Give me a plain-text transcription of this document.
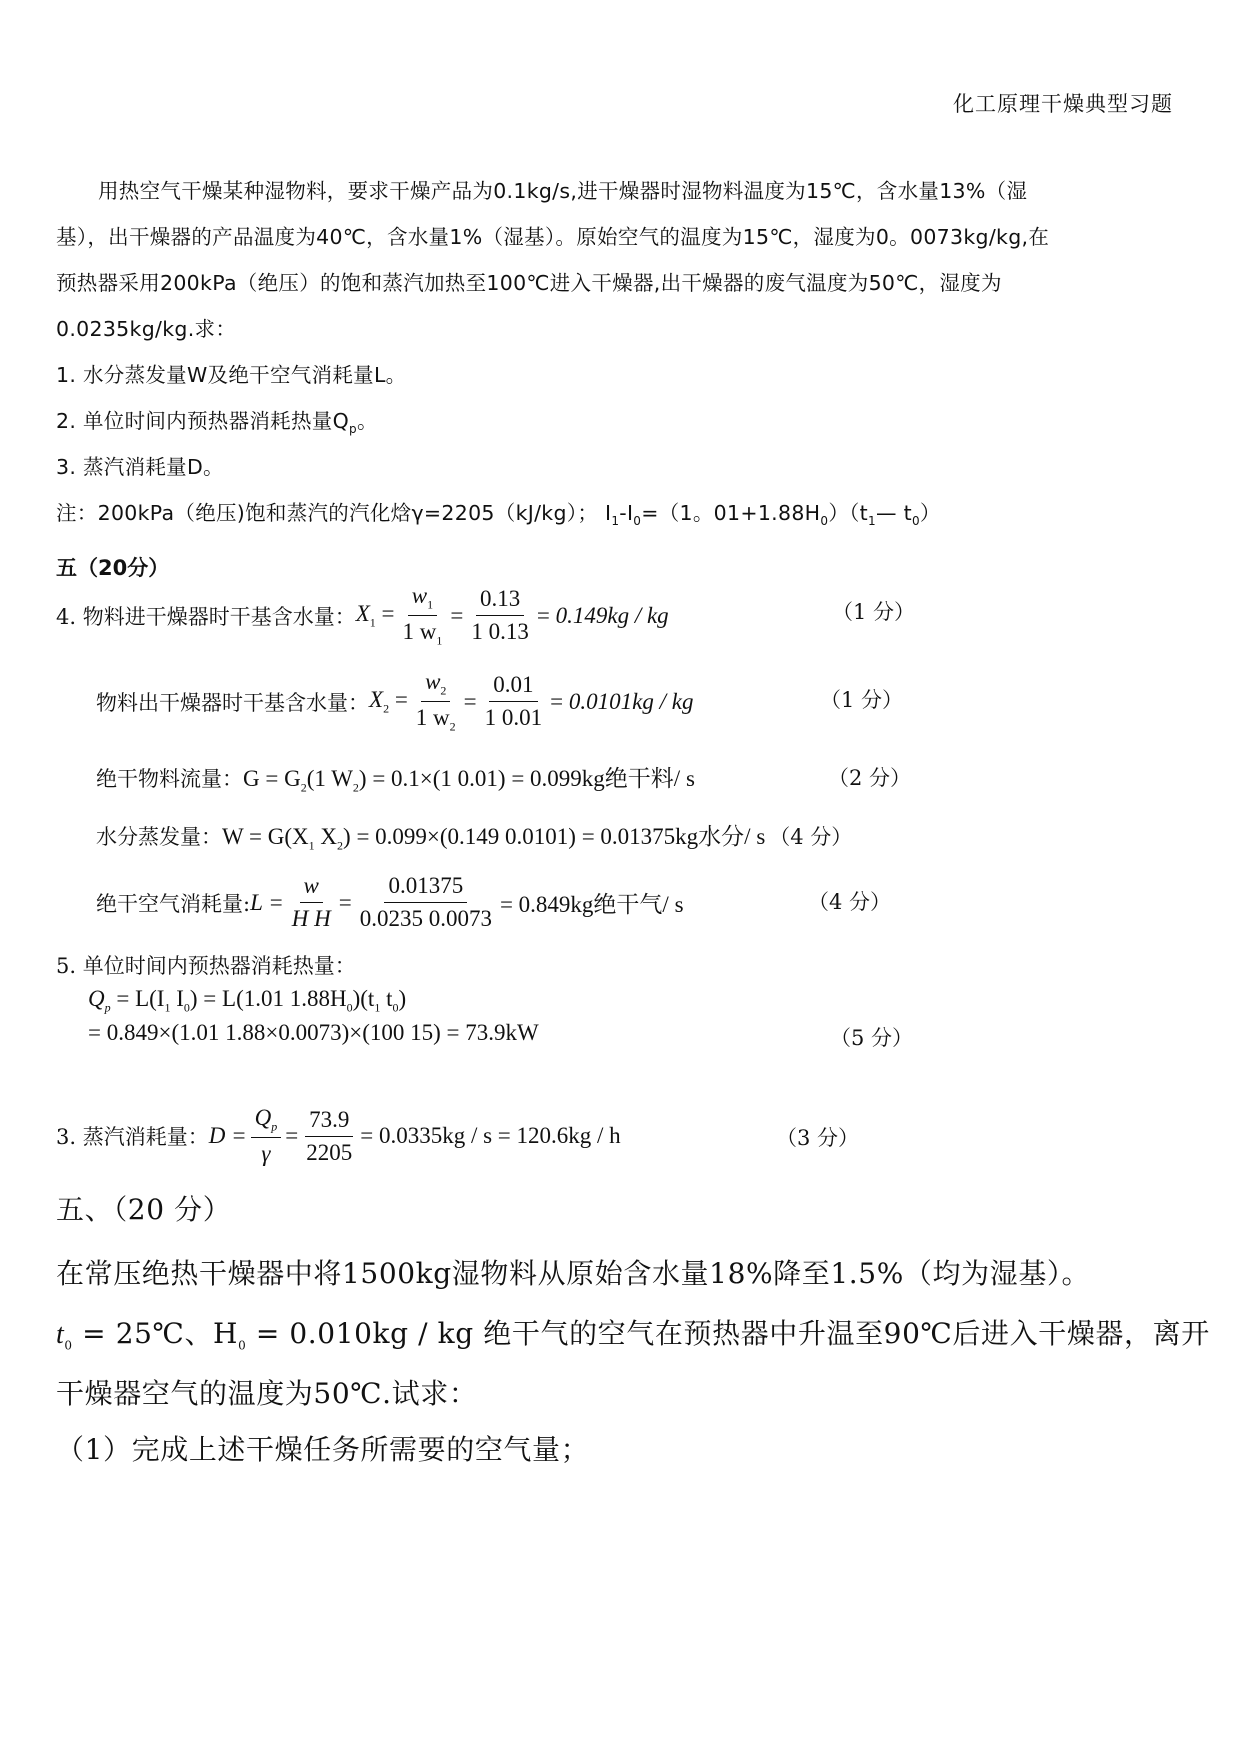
化工原理干燥典型习题
用热空气干燥某种湿物料，要求干燥产品为0.1kg/s,进干燥器时湿物料温度为15℃，含水量13%（湿
基），出干燥器的产品温度为40℃，含水量1%（湿基）。原始空气的温度为15℃，湿度为0。0073kg/kg,在
预热器采用200kPa（绝压）的饱和蒸汽加热至100℃进入干燥器,出干燥器的废气温度为50℃，湿度为
0.0235kg/kg.求：
1. 水分蒸发量W及绝干空气消耗量L。
2. 单位时间内预热器消耗热量$Q_p$。
3. 蒸汽消耗量D。
注：200kPa（绝压)饱和蒸汽的汽化焓γ=2205（kJ/kg）； $I_1-I_0=(1$。$01+1.88H_0)(t_1—$ $t_0$）
五（20分）
4. 物料进干燥器时干基含水量： $X_1 = \frac{w_1}{1 w_1} = \frac{0.13}{1 0.13} = 0.149kg$ / kg	（1 分）
物料出干燥器时干基含水量： $X_2 = \frac{w_2}{1 w_2} = \frac{0.01}{1 0.01} = 0.0101kg$ / kg	（1 分）
绝干物料流量： $G = G_2(1$ $W_2) = 0.1\times(1$ 0.01) = 0.099kg绝干料/ s	（2 分）
水分蒸发量： $W = G(X_1$ $X_2) = 0.099\times(0.149$ 0.0101) = 0.01375kg水分/ s （4 分）
绝干空气消耗量: $L = \frac{w}{\text{H H}} = \frac{0.01375}{0.0235 0.0073} = 0.849kg$绝干气/ s	（4 分）
5. 单位时间内预热器消耗热量：
$Q_p = L(I_1$ $I_0) = L(1.01$ $1.88H_0)(t_1$ $t_0$)
= 0.849×(1.01 1.88×0.0073)×(100 15) = 73.9kW	（5 分）
3. 蒸汽消耗量： $D = \frac{Q_p}{\gamma} = \frac{73.9}{2205} = 0.0335kg / s = 120.6kg / h$	（3 分）
五、（20 分）
在常压绝热干燥器中将1500kg湿物料从原始含水量18%降至1.5%（均为湿基）。
$t_0$ = 25℃、$H_0 = 0.010kg$ / kg 绝干气的空气在预热器中升温至90℃后进入干燥器，离开
干燥器空气的温度为50℃.试求：
（1）完成上述干燥任务所需要的空气量；
